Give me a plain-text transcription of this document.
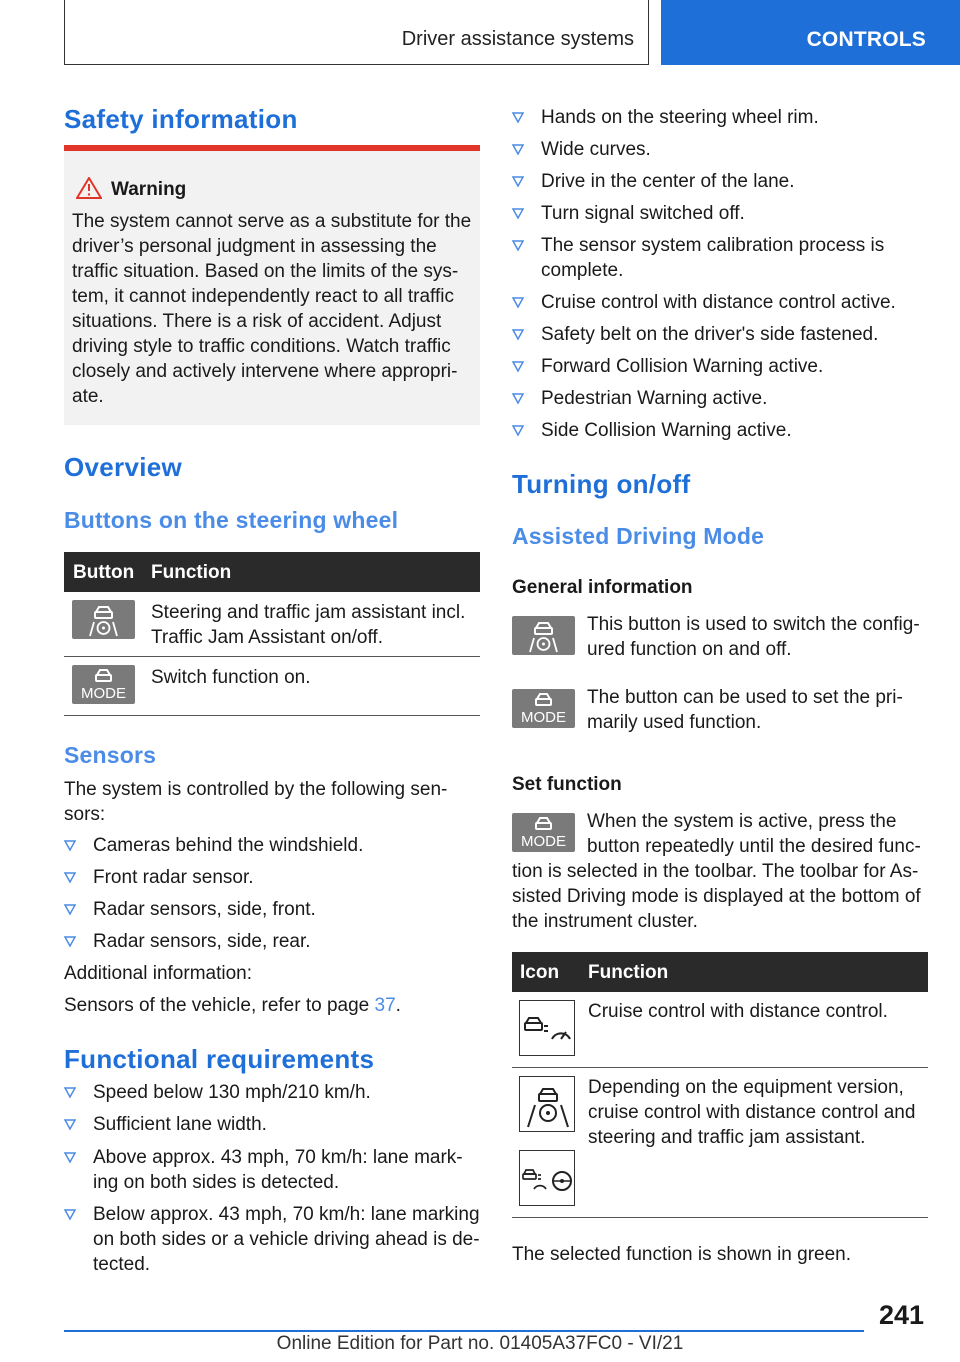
Driver assistance systems	CONTROLS
Safety information
Warning
The system cannot serve as a substitute for the
driver’s personal judgment in assessing the
traffic situation. Based on the limits of the sys-
tem, it cannot independently react to all traffic
situations. There is a risk of accident. Adjust
driving style to traffic conditions. Watch traffic
closely and actively intervene where appropri-
ate.
Overview
Buttons on the steering wheel
Button Function
Steering and traffic jam assistant incl.
Traffic Jam Assistant on/off.
MODE
Switch function on.
Sensors
The system is controlled by the following sen-
sors:
Cameras behind the windshield.
Front radar sensor.
Radar sensors, side, front.
Radar sensors, side, rear.
Additional information:
Sensors of the vehicle, refer to page 37.
Functional requirements
Speed below 130 mph/210 km/h.
Sufficient lane width.
Above approx. 43 mph, 70 km/h: lane mark-
ing on both sides is detected.
Below approx. 43 mph, 70 km/h: lane marking
on both sides or a vehicle driving ahead is de-
tected.
Hands on the steering wheel rim.
Wide curves.
Drive in the center of the lane.
Turn signal switched off.
The sensor system calibration process is
complete.
Cruise control with distance control active.
Safety belt on the driver's side fastened.
Forward Collision Warning active.
Pedestrian Warning active.
Side Collision Warning active.
Turning on/off
Assisted Driving Mode
General information
This button is used to switch the config-
ured function on and off.
MODE
The button can be used to set the pri-
marily used function.
Set function
MODE
When the system is active, press the
button repeatedly until the desired func-
tion is selected in the toolbar. The toolbar for As-
sisted Driving mode is displayed at the bottom of
the instrument cluster.
Icon Function
Cruise control with distance control.
Depending on the equipment version,
cruise control with distance control and
steering and traffic jam assistant.
The selected function is shown in green.
241
Online Edition for Part no. 01405A37FC0 - VI/21
